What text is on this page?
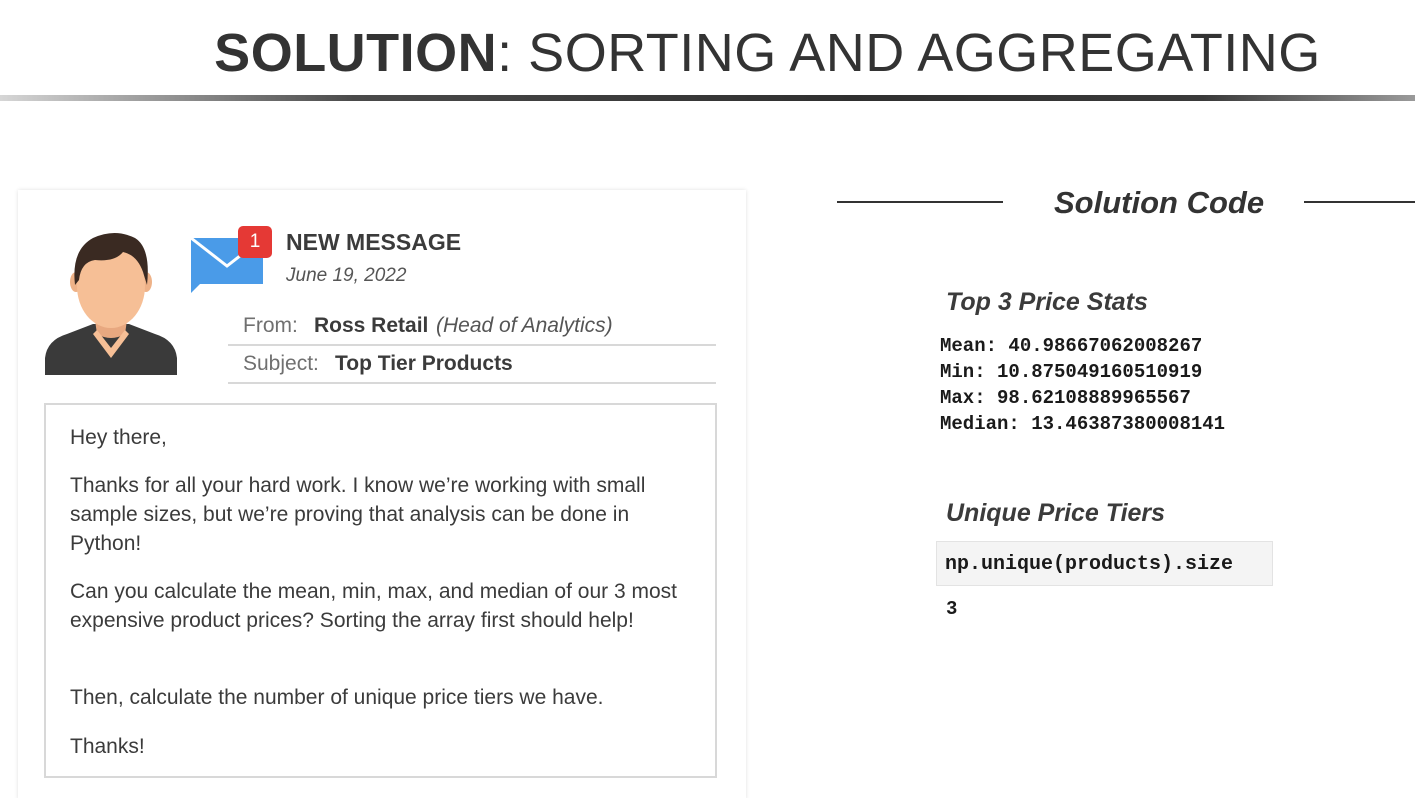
SOLUTION: SORTING AND AGGREGATING
1	NEW MESSAGE
June 19, 2022
From: Ross Retail (Head of Analytics)
Subject: Top Tier Products
Hey there,
Thanks for all your hard work. I know we’re working with small sample sizes, but we’re proving that analysis can be done in Python!
Can you calculate the mean, min, max, and median of our 3 most expensive product prices? Sorting the array first should help!
Then, calculate the number of unique price tiers we have.
Thanks!
Solution Code
Top 3 Price Stats
Mean: 40.98667062008267
Min: 10.875049160510919
Max: 98.62108889965567
Median: 13.46387380008141
Unique Price Tiers
np.unique(products).size
3
